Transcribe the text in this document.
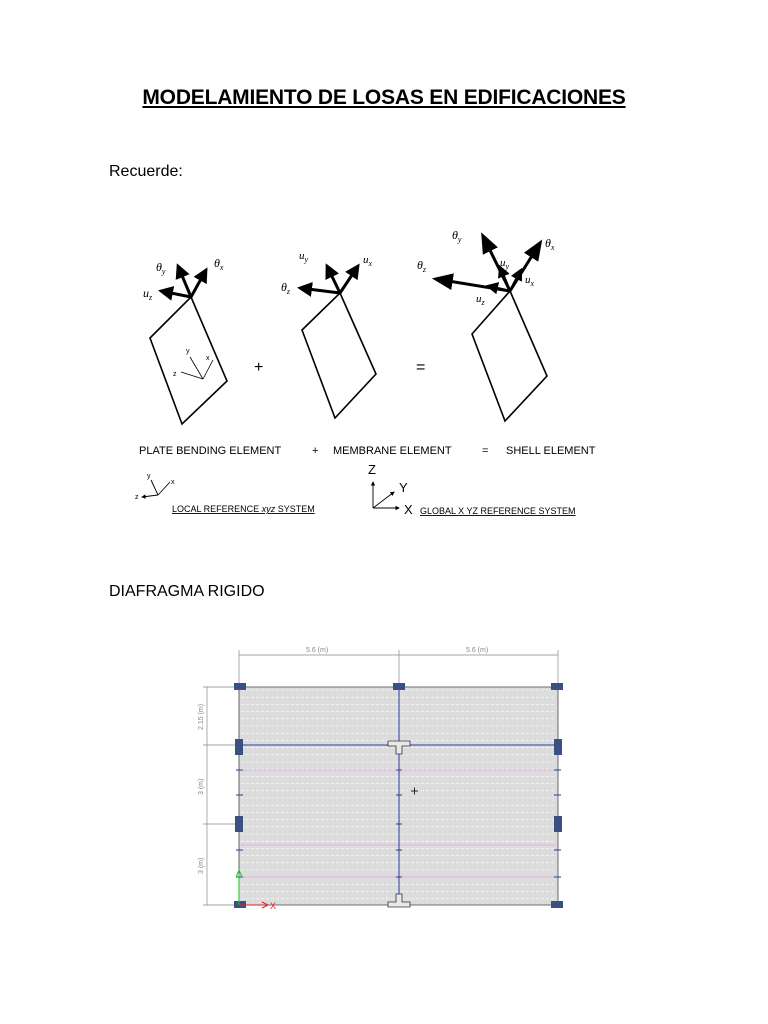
MODELAMIENTO DE LOSAS EN EDIFICACIONES
Recuerde:
DIAFRAGMA RIGIDO
y
x
z
$\theta_y$
$\theta_x$
$u_z$
+
$u_y$	$u_x$
$\theta_z$
=
$\theta_y$	$\theta_x$
$\theta_z$
$u_y$
$u_x$
$u_z$
PLATE BENDING ELEMENT	+ MEMBRANE ELEMENT	= SHELL ELEMENT
y
x
z
LOCAL REFERENCE xyz SYSTEM
Z
Y
X GLOBAL X YZ REFERENCE SYSTEM
5.6 (m)	5.6 (m)
2.15 (m)
3 (m)
3 (m)
X
